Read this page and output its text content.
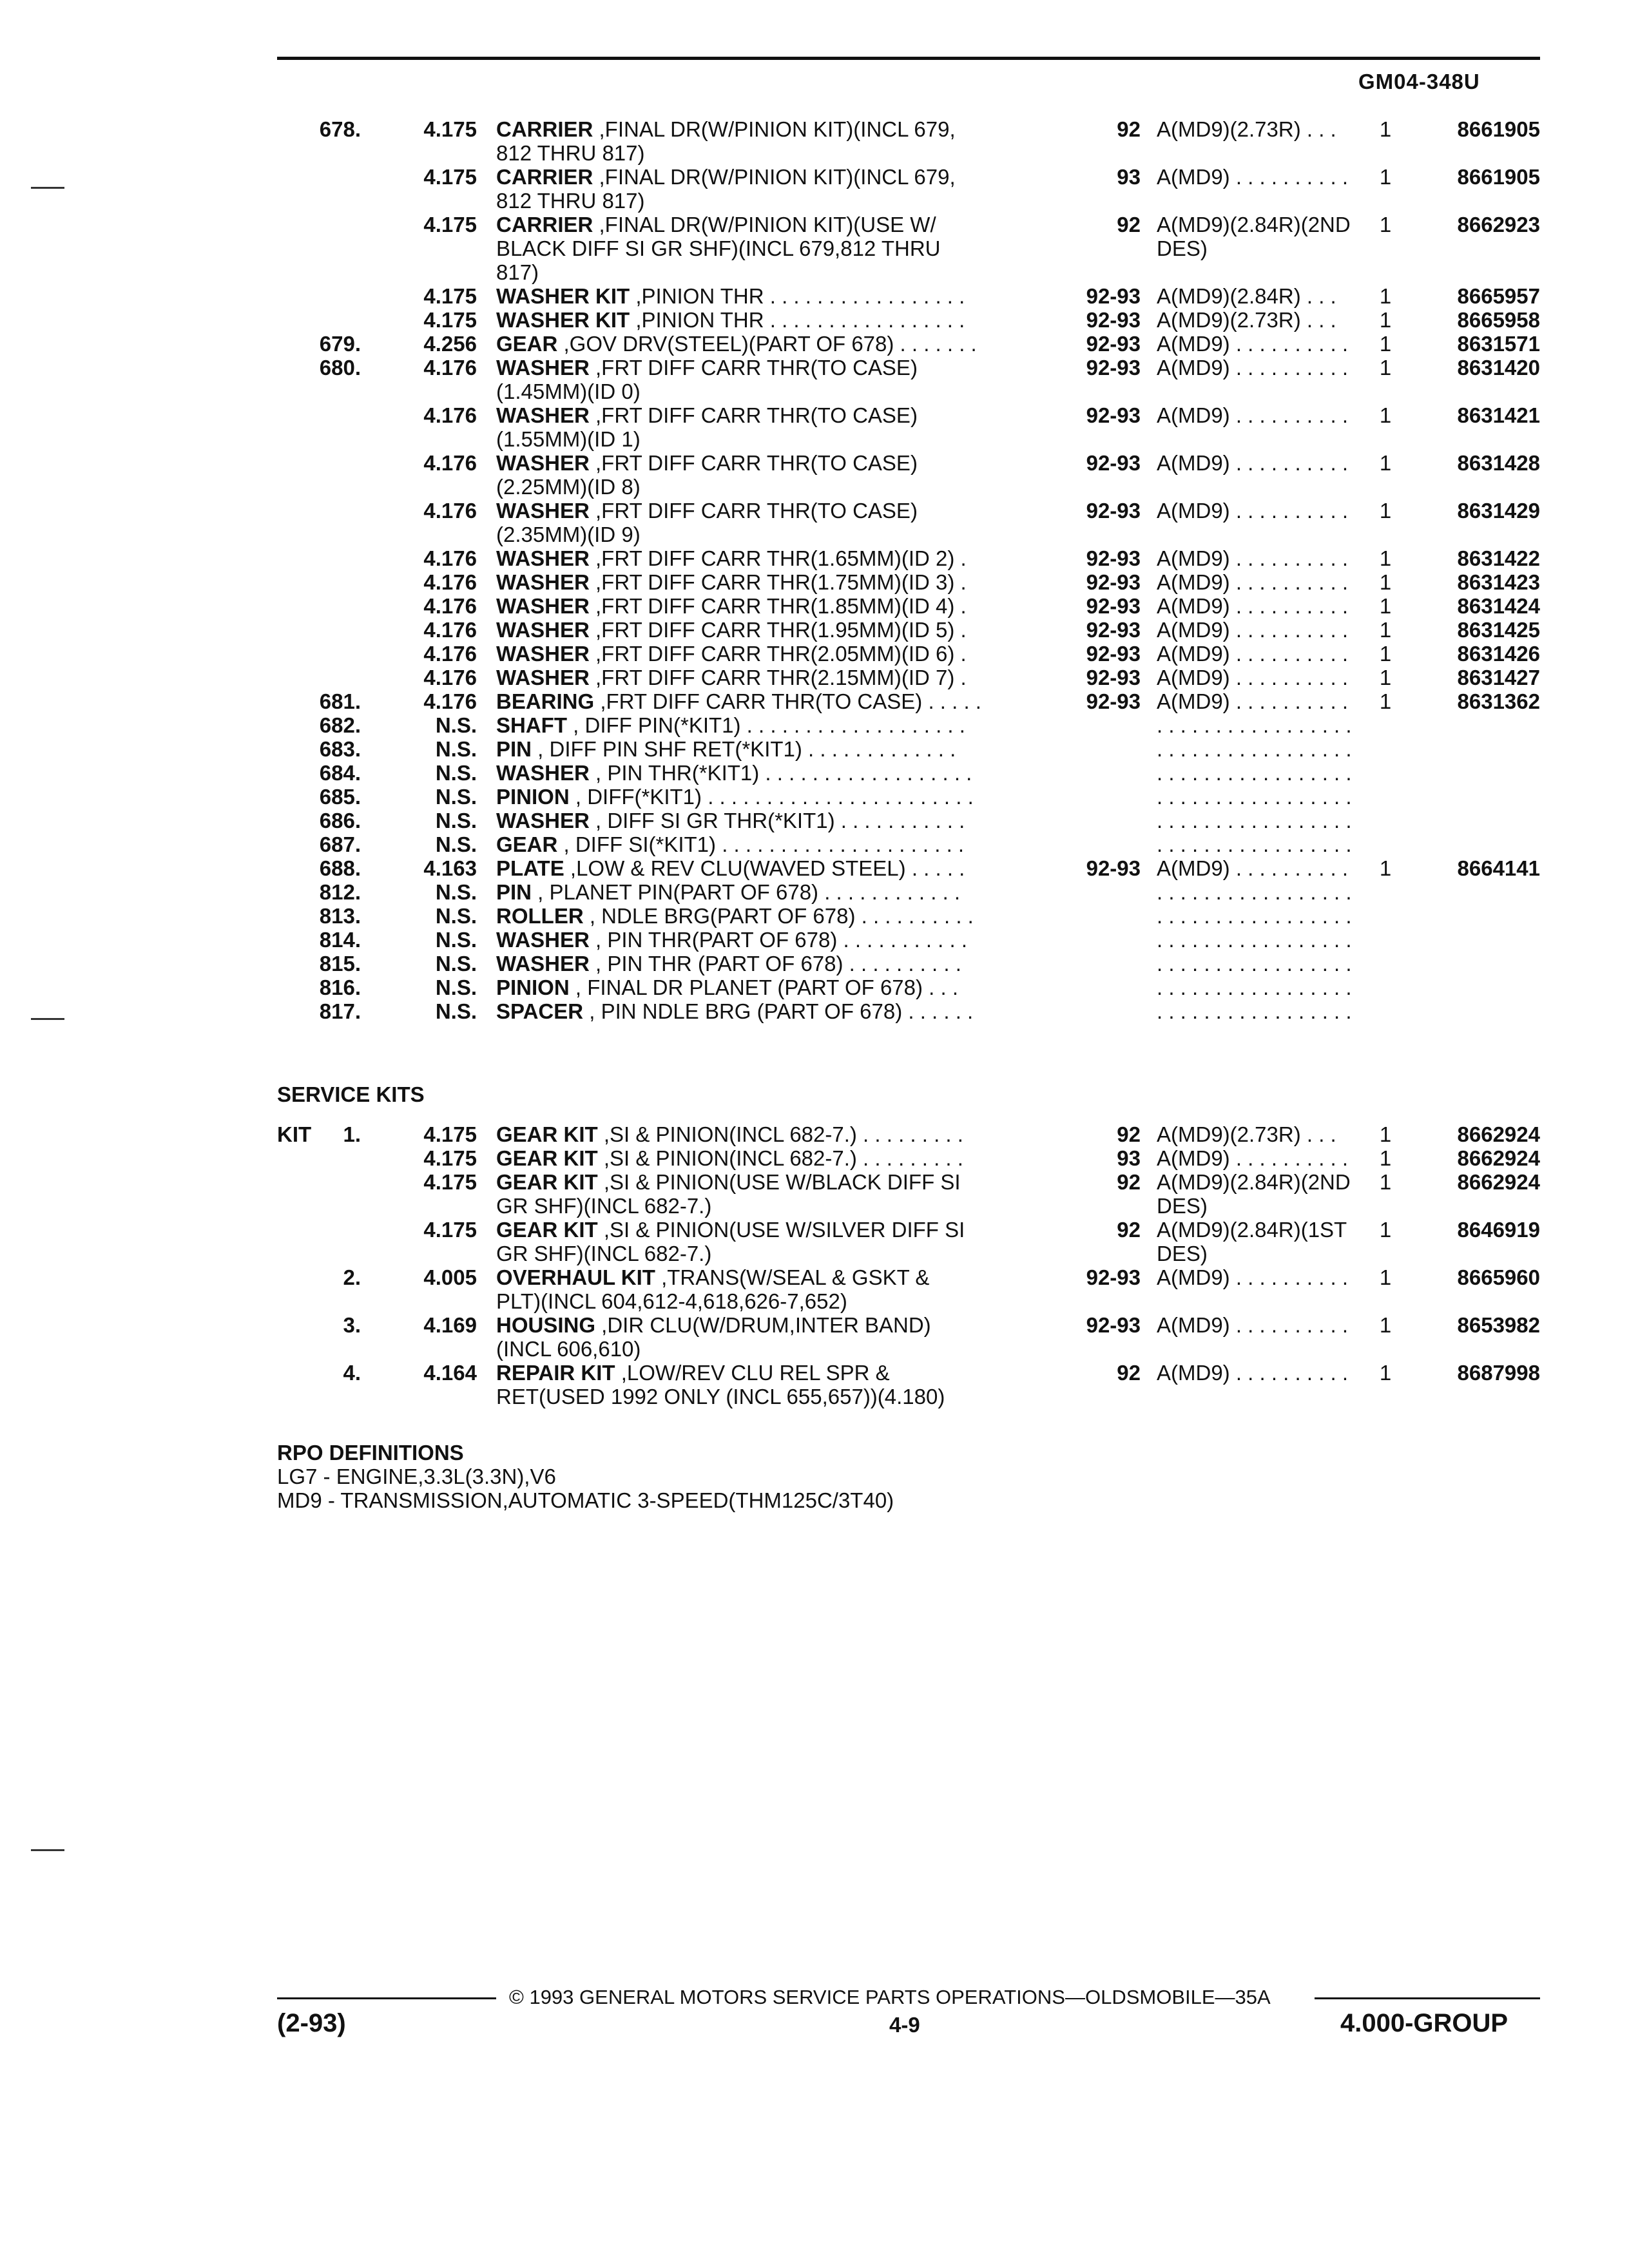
GM04-348U
678.	4.175 CARRIER ,FINAL DR(W/PINION KIT)(INCL 679,	92 A(MD9)(2.73R) . . .	1	8661905
812 THRU 817)
4.175 CARRIER ,FINAL DR(W/PINION KIT)(INCL 679,	93 A(MD9) . . . . . . . . . .	1	8661905
812 THRU 817)
4.175 CARRIER ,FINAL DR(W/PINION KIT)(USE W/	92 A(MD9)(2.84R)(2ND	1	8662923
BLACK DIFF SI GR SHF)(INCL 679,812 THRU	DES)
817)
4.175 WASHER KIT ,PINION THR . . . . . . . . . . . . . . . . .	92-93 A(MD9)(2.84R) . . .	1	8665957
4.175 WASHER KIT ,PINION THR . . . . . . . . . . . . . . . . .	92-93 A(MD9)(2.73R) . . .	1	8665958
679.	4.256 GEAR ,GOV DRV(STEEL)(PART OF 678) . . . . . . .	92-93 A(MD9) . . . . . . . . . .	1	8631571
680.	4.176 WASHER ,FRT DIFF CARR THR(TO CASE)	92-93 A(MD9) . . . . . . . . . .	1	8631420
(1.45MM)(ID 0)
4.176 WASHER ,FRT DIFF CARR THR(TO CASE)	92-93 A(MD9) . . . . . . . . . .	1	8631421
(1.55MM)(ID 1)
4.176 WASHER ,FRT DIFF CARR THR(TO CASE)	92-93 A(MD9) . . . . . . . . . .	1	8631428
(2.25MM)(ID 8)
4.176 WASHER ,FRT DIFF CARR THR(TO CASE)	92-93 A(MD9) . . . . . . . . . .	1	8631429
(2.35MM)(ID 9)
4.176 WASHER ,FRT DIFF CARR THR(1.65MM)(ID 2) .	92-93 A(MD9) . . . . . . . . . .	1	8631422
4.176 WASHER ,FRT DIFF CARR THR(1.75MM)(ID 3) .	92-93 A(MD9) . . . . . . . . . .	1	8631423
4.176 WASHER ,FRT DIFF CARR THR(1.85MM)(ID 4) .	92-93 A(MD9) . . . . . . . . . .	1	8631424
4.176 WASHER ,FRT DIFF CARR THR(1.95MM)(ID 5) .	92-93 A(MD9) . . . . . . . . . .	1	8631425
4.176 WASHER ,FRT DIFF CARR THR(2.05MM)(ID 6) .	92-93 A(MD9) . . . . . . . . . .	1	8631426
4.176 WASHER ,FRT DIFF CARR THR(2.15MM)(ID 7) .	92-93 A(MD9) . . . . . . . . . .	1	8631427
681.	4.176 BEARING ,FRT DIFF CARR THR(TO CASE) . . . . .	92-93 A(MD9) . . . . . . . . . .	1	8631362
682.	N.S. SHAFT , DIFF PIN(*KIT1) . . . . . . . . . . . . . . . . . . .	. . . . . . . . . . . . . . . . .
683.	N.S. PIN , DIFF PIN SHF RET(*KIT1) . . . . . . . . . . . . .	. . . . . . . . . . . . . . . . .
684.	N.S. WASHER , PIN THR(*KIT1) . . . . . . . . . . . . . . . . . .	. . . . . . . . . . . . . . . . .
685.	N.S. PINION , DIFF(*KIT1) . . . . . . . . . . . . . . . . . . . . . . .	. . . . . . . . . . . . . . . . .
686.	N.S. WASHER , DIFF SI GR THR(*KIT1) . . . . . . . . . . .	. . . . . . . . . . . . . . . . .
687.	N.S. GEAR , DIFF SI(*KIT1) . . . . . . . . . . . . . . . . . . . . .	. . . . . . . . . . . . . . . . .
688.	4.163 PLATE ,LOW & REV CLU(WAVED STEEL) . . . . .	92-93 A(MD9) . . . . . . . . . .	1	8664141
812.	N.S. PIN , PLANET PIN(PART OF 678) . . . . . . . . . . . .	. . . . . . . . . . . . . . . . .
813.	N.S. ROLLER , NDLE BRG(PART OF 678) . . . . . . . . . .	. . . . . . . . . . . . . . . . .
814.	N.S. WASHER , PIN THR(PART OF 678) . . . . . . . . . . .	. . . . . . . . . . . . . . . . .
815.	N.S. WASHER , PIN THR (PART OF 678) . . . . . . . . . .	. . . . . . . . . . . . . . . . .
816.	N.S. PINION , FINAL DR PLANET (PART OF 678) . . .	. . . . . . . . . . . . . . . . .
817.	N.S. SPACER , PIN NDLE BRG (PART OF 678) . . . . . .	. . . . . . . . . . . . . . . . .
SERVICE KITS
KIT	1.	4.175 GEAR KIT ,SI & PINION(INCL 682-7.) . . . . . . . . .	92 A(MD9)(2.73R) . . .	1	8662924
4.175 GEAR KIT ,SI & PINION(INCL 682-7.) . . . . . . . . .	93 A(MD9) . . . . . . . . . .	1	8662924
4.175 GEAR KIT ,SI & PINION(USE W/BLACK DIFF SI	92 A(MD9)(2.84R)(2ND	1	8662924
GR SHF)(INCL 682-7.)	DES)
4.175 GEAR KIT ,SI & PINION(USE W/SILVER DIFF SI	92 A(MD9)(2.84R)(1ST	1	8646919
GR SHF)(INCL 682-7.)	DES)
2.	4.005 OVERHAUL KIT ,TRANS(W/SEAL & GSKT &	92-93 A(MD9) . . . . . . . . . .	1	8665960
PLT)(INCL 604,612-4,618,626-7,652)
3.	4.169 HOUSING ,DIR CLU(W/DRUM,INTER BAND)	92-93 A(MD9) . . . . . . . . . .	1	8653982
(INCL 606,610)
4.	4.164 REPAIR KIT ,LOW/REV CLU REL SPR &	92 A(MD9) . . . . . . . . . .	1	8687998
RET(USED 1992 ONLY (INCL 655,657))(4.180)
RPO DEFINITIONS
LG7 - ENGINE,3.3L(3.3N),V6
MD9 - TRANSMISSION,AUTOMATIC 3-SPEED(THM125C/3T40)
© 1993 GENERAL MOTORS SERVICE PARTS OPERATIONS—OLDSMOBILE—35A
(2-93)	4-9	4.000-GROUP
